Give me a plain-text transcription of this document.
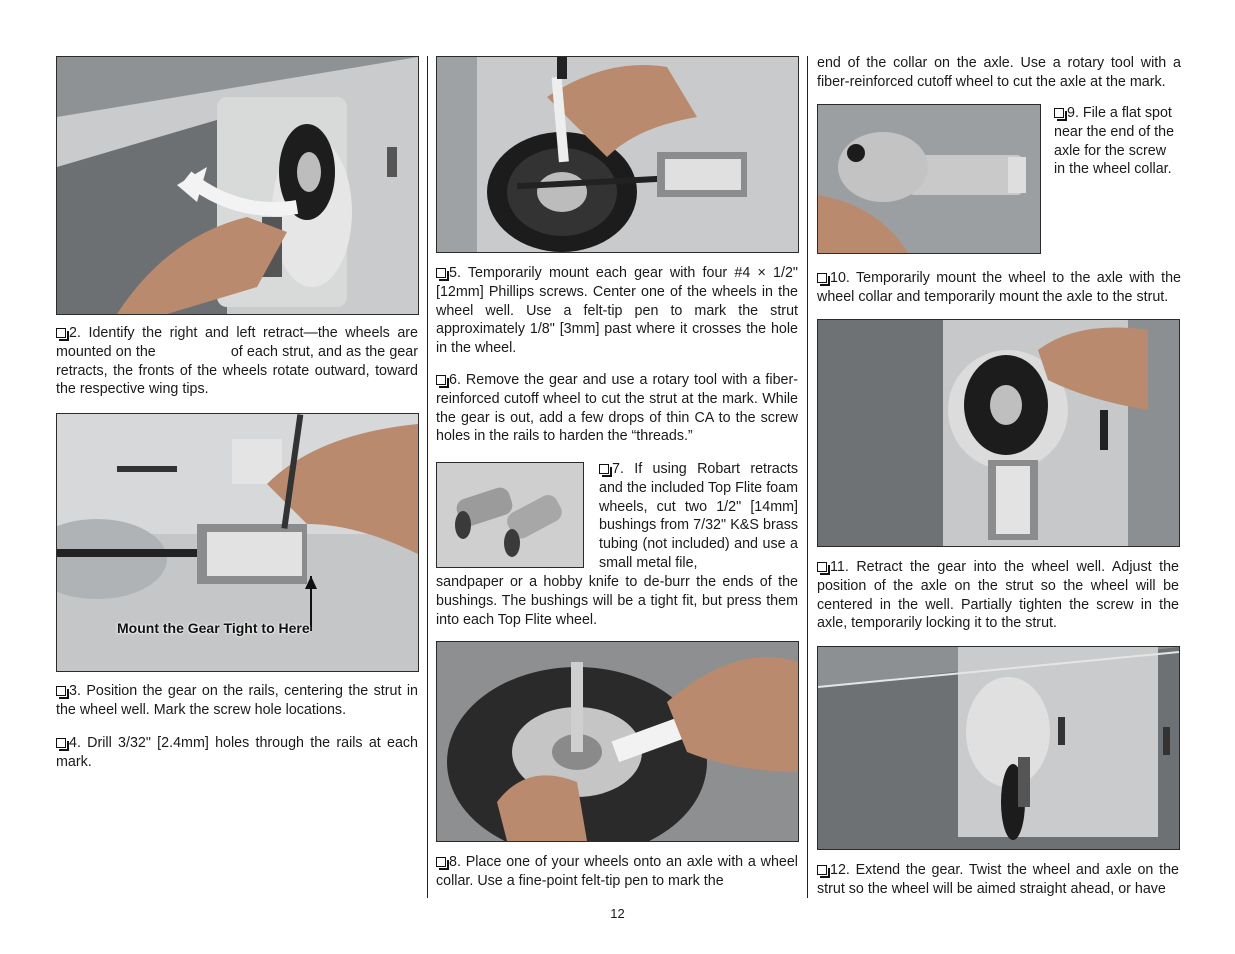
2. Identify the right and left retract—the wheels are mounted on the                  of each strut, and as the gear retracts, the fronts of the wheels rotate outward, toward the respective wing tips.

Mount the Gear Tight to Here

3. Position the gear on the rails, centering the strut in the wheel well. Mark the screw hole locations.

4. Drill 3/32" [2.4mm] holes through the rails at each mark.

5. Temporarily mount each gear with four #4 × 1/2" [12mm] Phillips screws. Center one of the wheels in the wheel well. Use a felt-tip pen to mark the strut approximately 1/8" [3mm] past where it crosses the hole in the wheel.

6. Remove the gear and use a rotary tool with a fiber-reinforced cutoff wheel to cut the strut at the mark. While the gear is out, add a few drops of thin CA to the screw holes in the rails to harden the “threads.”

7. If using Robart retracts and the included Top Flite foam wheels, cut two 1/2" [14mm] bushings from 7/32" K&S brass tubing (not included) and use a small metal file,

sandpaper or a hobby knife to de-burr the ends of the bushings. The bushings will be a tight fit, but press them into each Top Flite wheel.

8. Place one of your wheels onto an axle with a wheel collar. Use a fine-point felt-tip pen to mark the

end of the collar on the axle. Use a rotary tool with a fiber-reinforced cutoff wheel to cut the axle at the mark.

9. File a flat spot near the end of the axle for the screw in the wheel collar.

10. Temporarily mount the wheel to the axle with the wheel collar and temporarily mount the axle to the strut.

11. Retract the gear into the wheel well. Adjust the position of the axle on the strut so the wheel will be centered in the well. Partially tighten the screw in the axle, temporarily locking it to the strut.

12. Extend the gear. Twist the wheel and axle on the strut so the wheel will be aimed straight ahead, or have

12
